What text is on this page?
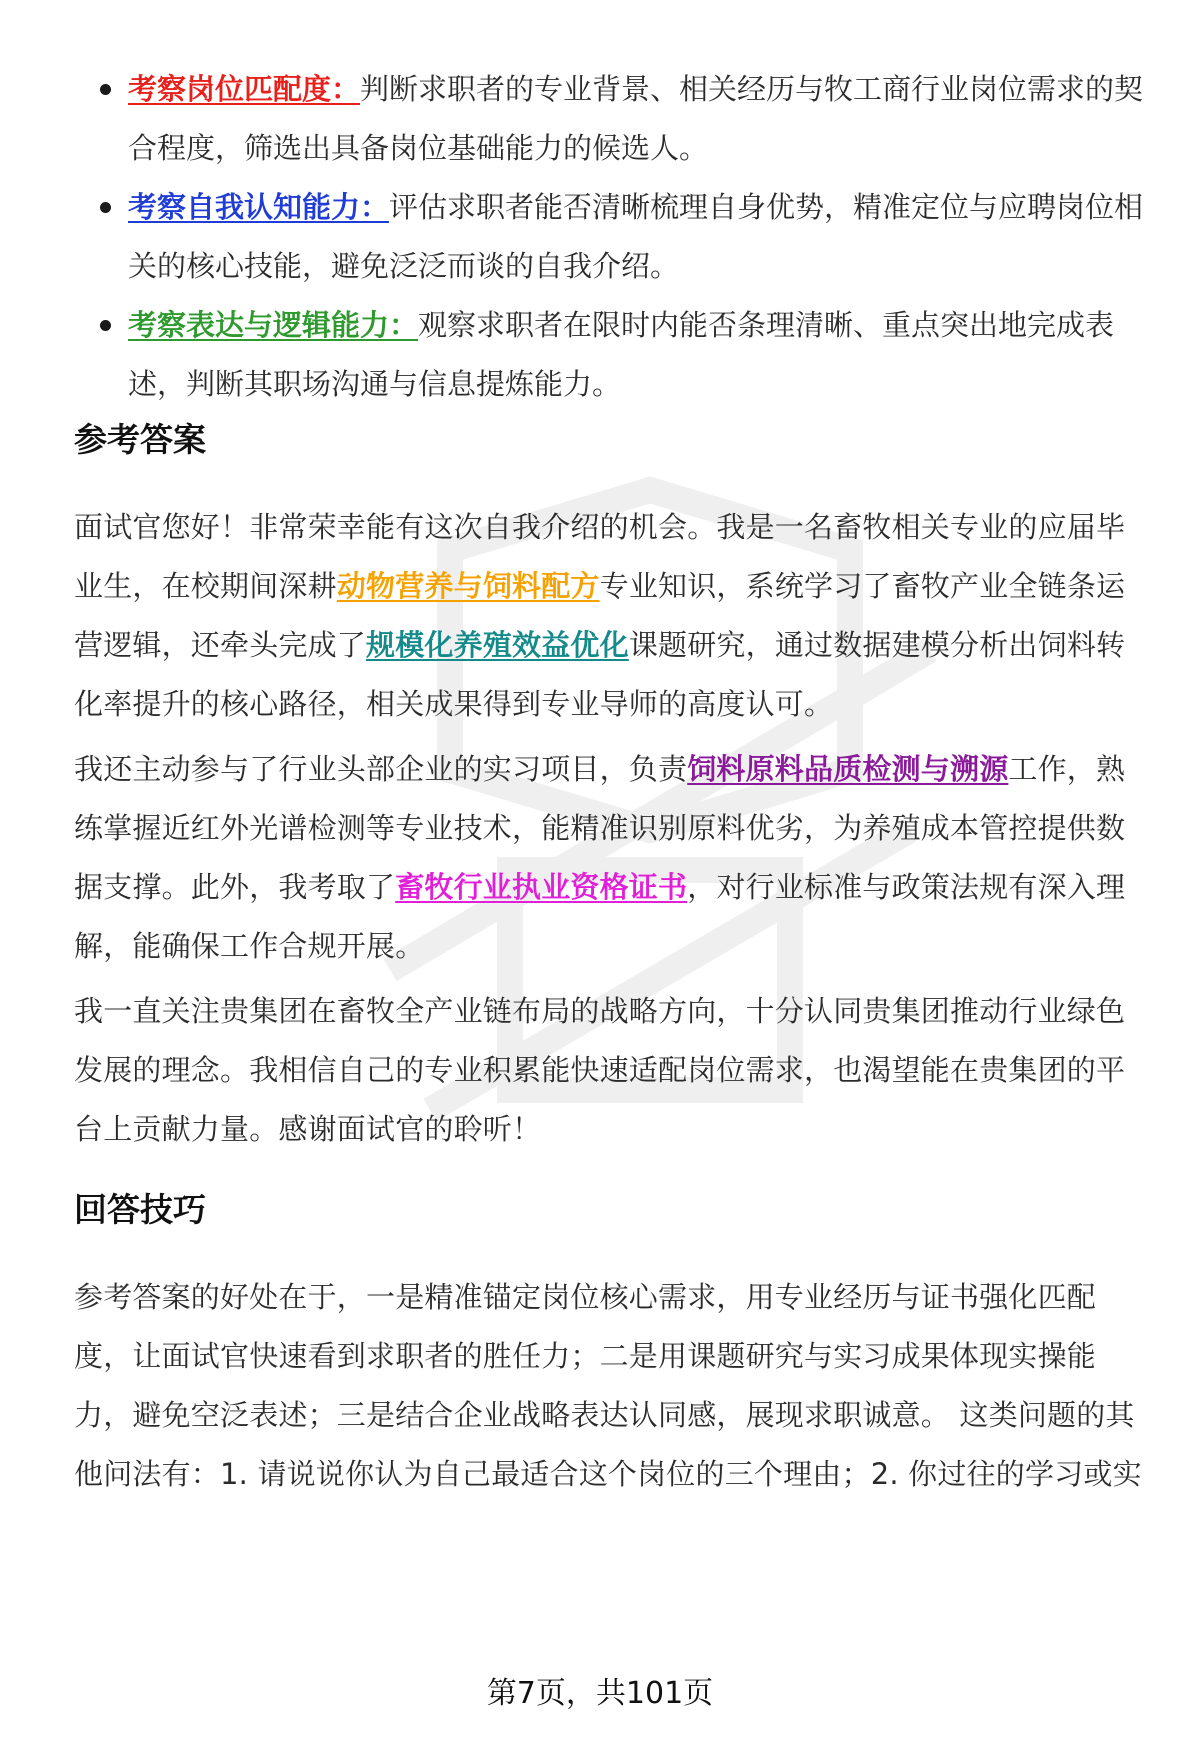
考察岗位匹配度：判断求职者的专业背景、相关经历与牧工商行业岗位需求的契合程度，筛选出具备岗位基础能力的候选人。
考察自我认知能力：评估求职者能否清晰梳理自身优势，精准定位与应聘岗位相关的核心技能，避免泛泛而谈的自我介绍。
考察表达与逻辑能力：观察求职者在限时内能否条理清晰、重点突出地完成表述，判断其职场沟通与信息提炼能力。
参考答案

面试官您好！非常荣幸能有这次自我介绍的机会。我是一名畜牧相关专业的应届毕业生，在校期间深耕动物营养与饲料配方专业知识，系统学习了畜牧产业全链条运营逻辑，还牵头完成了规模化养殖效益优化课题研究，通过数据建模分析出饲料转化率提升的核心路径，相关成果得到专业导师的高度认可。

我还主动参与了行业头部企业的实习项目，负责饲料原料品质检测与溯源工作，熟练掌握近红外光谱检测等专业技术，能精准识别原料优劣，为养殖成本管控提供数据支撑。此外，我考取了畜牧行业执业资格证书，对行业标准与政策法规有深入理解，能确保工作合规开展。

我一直关注贵集团在畜牧全产业链布局的战略方向，十分认同贵集团推动行业绿色发展的理念。我相信自己的专业积累能快速适配岗位需求，也渴望能在贵集团的平台上贡献力量。感谢面试官的聆听！

回答技巧

参考答案的好处在于，一是精准锚定岗位核心需求，用专业经历与证书强化匹配度，让面试官快速看到求职者的胜任力；二是用课题研究与实习成果体现实操能力，避免空泛表述；三是结合企业战略表达认同感，展现求职诚意。 这类问题的其他问法有：1. 请说说你认为自己最适合这个岗位的三个理由；2. 你过往的学习或实

第7页，共101页
